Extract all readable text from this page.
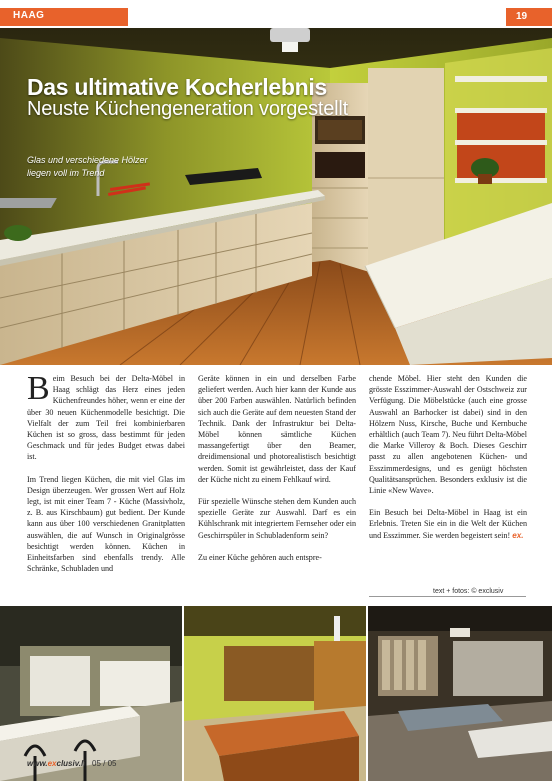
HAAG	19
Das ultimative Kocherlebnis
Neuste Küchengeneration vorgestellt
Glas und verschiedene Hölzer liegen voll im Trend

Beim Besuch bei der Delta-Möbel in Haag schlägt das Herz eines jeden Küchenfreundes höher, wenn er eine der über 30 neuen Küchenmodelle besichtigt. Die Vielfalt der zum Teil frei kombinierbaren Küchen ist so gross, dass bestimmt für jeden Geschmack und für jedes Budget etwas dabei ist.

Im Trend liegen Küchen, die mit viel Glas im Design überzeugen. Wer grossen Wert auf Holz legt, ist mit einer Team 7 - Küche (Massivholz, z. B. aus Kirschbaum) gut bedient. Der Kunde kann aus über 100 verschiedenen Granitplatten auswählen, die auf Wunsch in Originalgrösse besichtigt werden können. Küchen in Einheitsfarben sind ebenfalls trendy. Alle Schränke, Schubladen und

Geräte können in ein und derselben Farbe geliefert werden. Auch hier kann der Kunde aus über 200 Farben auswählen. Natürlich befinden sich auch die Geräte auf dem neuesten Stand der Technik. Dank der Infrastruktur bei Delta-Möbel können sämtliche Küchen massangefertigt über den Beamer, dreidimensional und photorealistisch besichtigt werden. Somit ist gewährleistet, dass der Kauf der Küche nicht zu einem Fehlkauf wird.

Für spezielle Wünsche stehen dem Kunden auch spezielle Geräte zur Auswahl. Darf es ein Kühlschrank mit integriertem Fernseher oder ein Geschirrspüler in Schubladenform sein?

Zu einer Küche gehören auch entspre-

chende Möbel. Hier steht den Kunden die grösste Esszimmer-Auswahl der Ostschweiz zur Verfügung. Die Möbelstücke (auch eine grosse Auswahl an Barhocker ist dabei) sind in den Hölzern Nuss, Kirsche, Buche und Kernbuche erhältlich (auch Team 7). Neu führt Delta-Möbel die Marke Villeroy & Boch. Dieses Geschirr passt zu allen angebotenen Küchen- und Esszimmerdesigns, und es genügt höchsten Qualitätsansprüchen. Besonders exklusiv ist die Linie «New Wave».

Ein Besuch bei Delta-Möbel in Haag ist ein Erlebnis. Treten Sie ein in die Welt der Küchen und Esszimmer. Sie werden begeistert sein! ex.

text + fotos: © exclusiv
www.exclusiv.li 05 / 05
